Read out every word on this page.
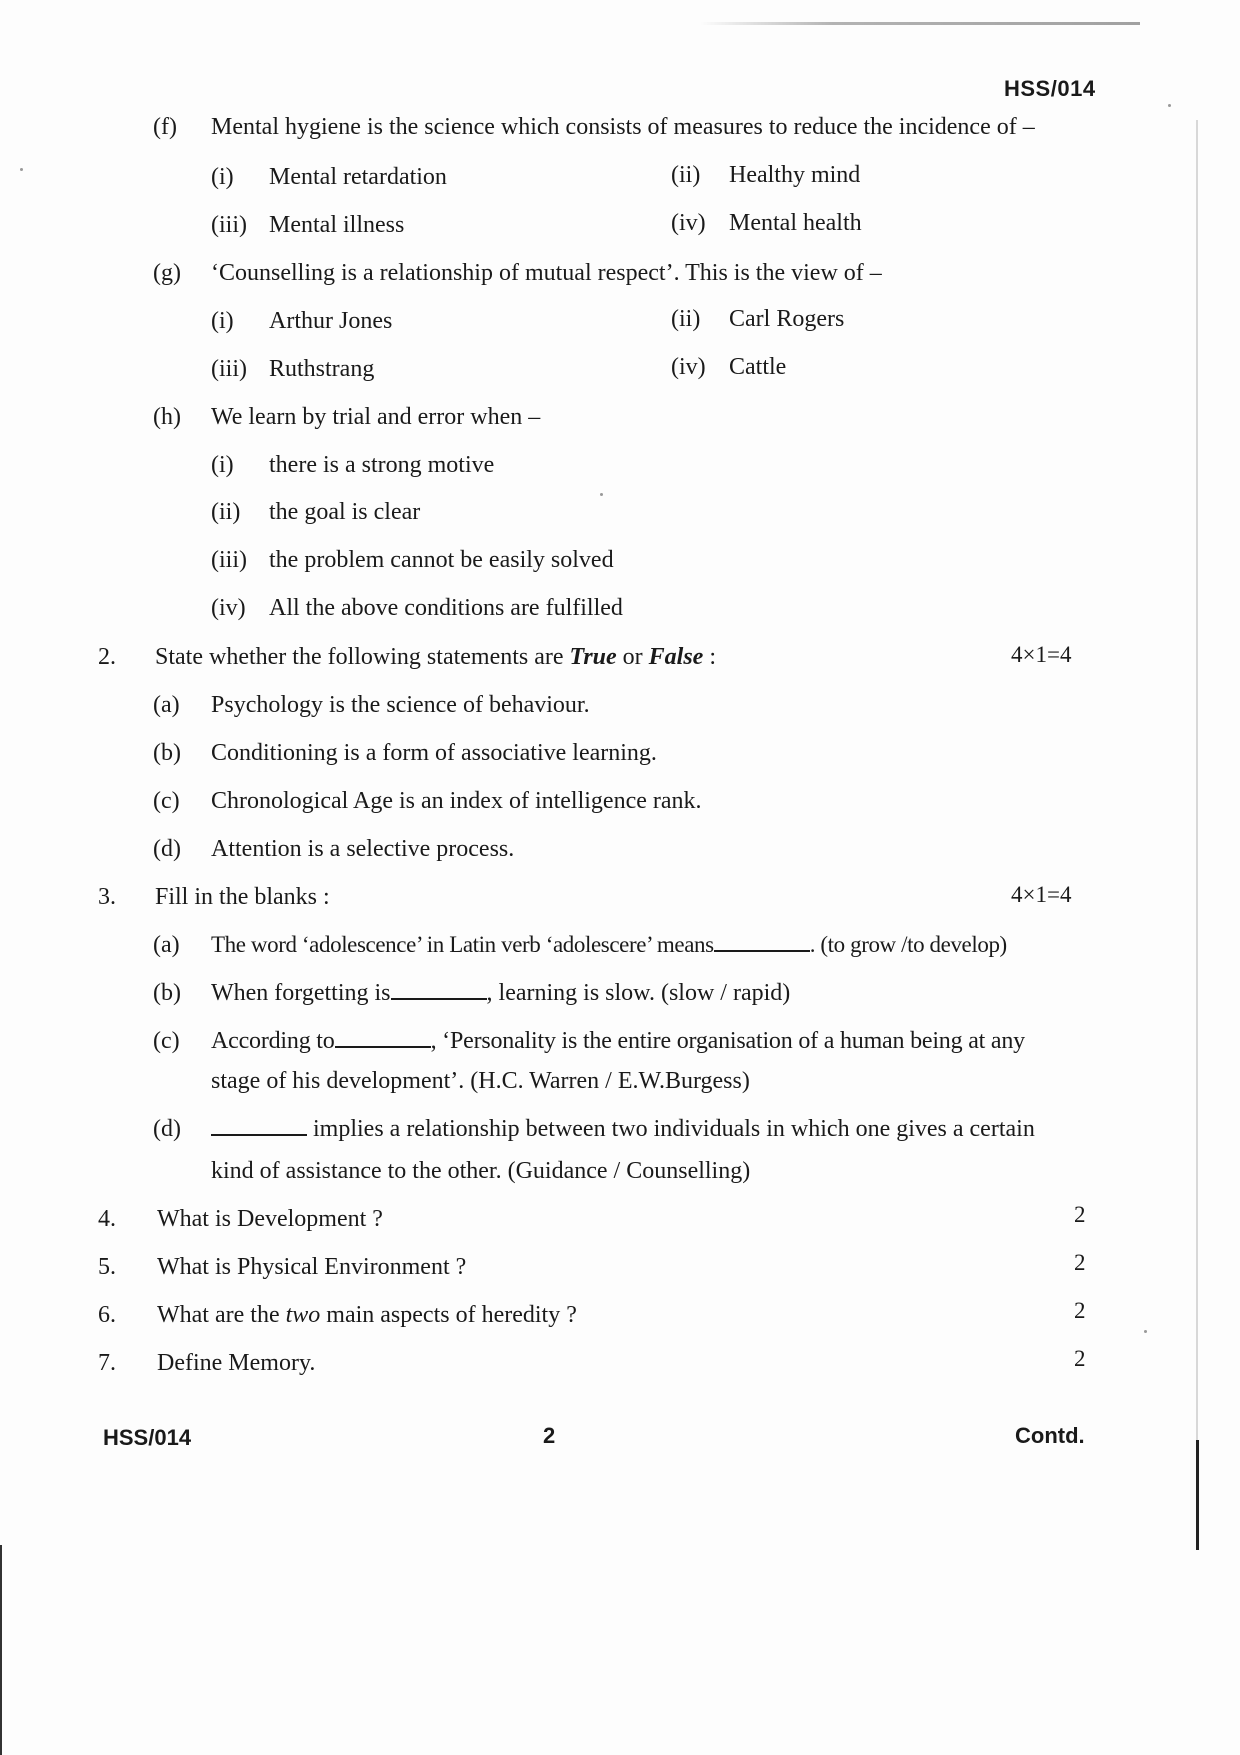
HSS/014
(f) Mental hygiene is the science which consists of measures to reduce the incidence of –
(i) Mental retardation	(ii) Healthy mind
(iii) Mental illness	(iv) Mental health
(g) ‘Counselling is a relationship of mutual respect’. This is the view of –
(i) Arthur Jones	(ii) Carl Rogers
(iii) Ruthstrang	(iv) Cattle
(h) We learn by trial and error when –
(i) there is a strong motive
(ii) the goal is clear
(iii) the problem cannot be easily solved
(iv) All the above conditions are fulfilled
2. State whether the following statements are True or False :	4×1=4
(a) Psychology is the science of behaviour.
(b) Conditioning is a form of associative learning.
(c) Chronological Age is an index of intelligence rank.
(d) Attention is a selective process.
3. Fill in the blanks :	4×1=4
(a) The word ‘adolescence’ in Latin verb ‘adolescere’ means	. (to grow /to develop)
(b) When forgetting is	, learning is slow. (slow / rapid)
(c) According to	, ‘Personality is the entire organisation of a human being at any
stage of his development’. (H.C. Warren / E.W.Burgess)
(d)	implies a relationship between two individuals in which one gives a certain
kind of assistance to the other. (Guidance / Counselling)
4. What is Development ?	2
5. What is Physical Environment ?	2
6. What are the two main aspects of heredity ?	2
7. Define Memory.	2
HSS/014	2	Contd.
